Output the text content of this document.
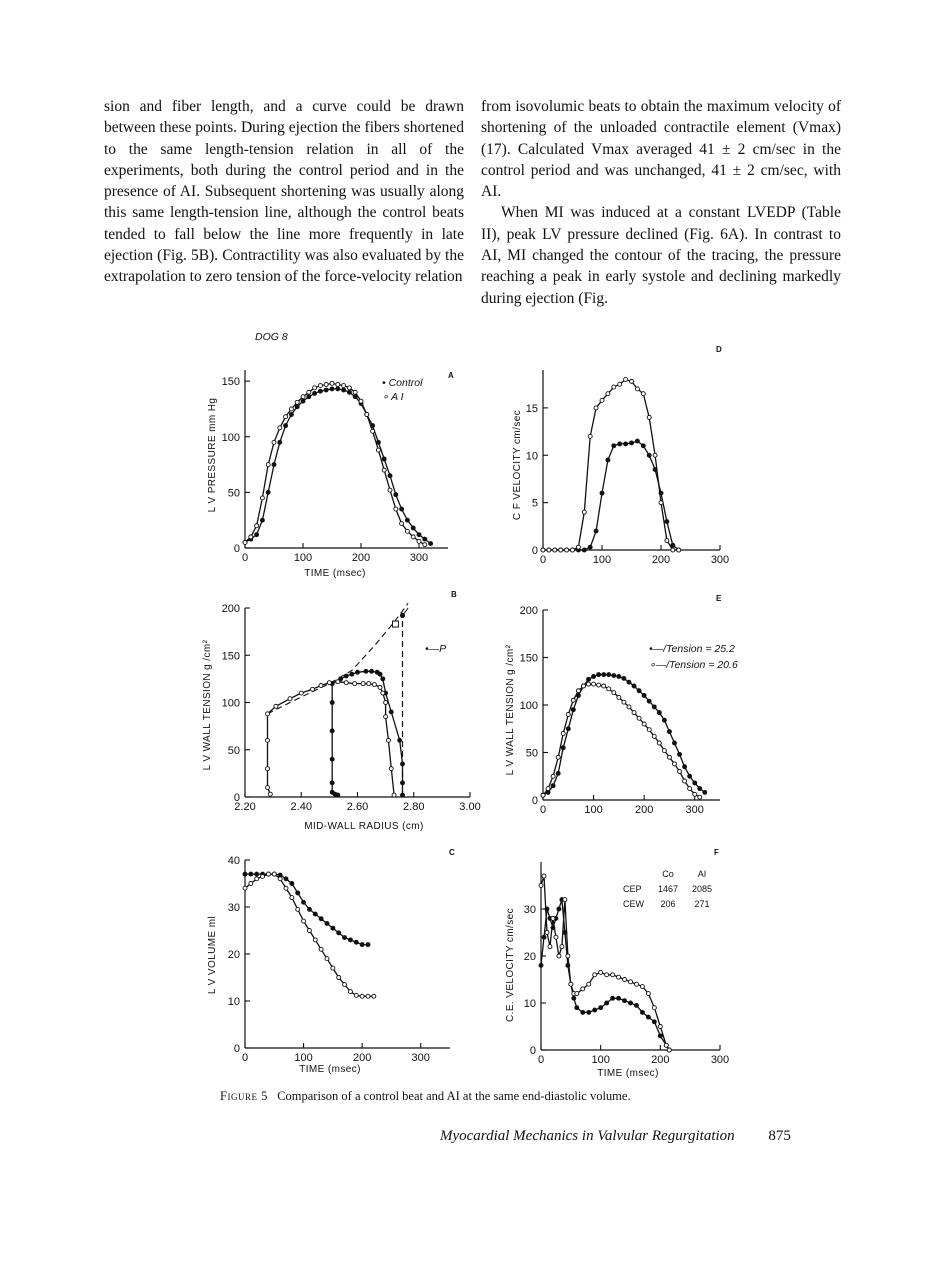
sion and fiber length, and a curve could be drawn between these points. During ejection the fibers shortened to the same length-tension relation in all of the experiments, both during the control period and in the presence of AI. Subsequent shortening was usually along this same length-tension line, although the control beats tended to fall below the line more frequently in late ejection (Fig. 5B). Contractility was also evaluated by the extrapolation to zero tension of the force-velocity relation

from isovolumic beats to obtain the maximum velocity of shortening of the unloaded contractile element (Vmax) (17). Calculated Vmax averaged 41 ± 2 cm/sec in the control period and was unchanged, 41 ± 2 cm/sec, with AI.

When MI was induced at a constant LVEDP (Table II), peak LV pressure declined (Fig. 6A). In contrast to AI, MI changed the contour of the tracing, the pressure reaching a peak in early systole and declining markedly during ejection (Fig.

DOG 8
A
0	100	200	300
0
50
100
150
TIME (msec)
L V PRESSURE mm Hg
• Control
∘ A I
D
0	100	200	300
0
5
10
15
C F VELOCITY cm/sec
B
2.20	2.40	2.60	2.80	3.00
0
50
100
150
200
MID-WALL RADIUS (cm)
L V WALL TENSION g /cm²	•—P
E
0	100	200	300
0
50
100
150
200
L V WALL TENSION g /cm²	•—/Tension = 25.2
∘—/Tension = 20.6
C
0	100	200	300
0
10
20
30
40
TIME (msec)
L V VOLUME ml
F
0	100	200	300
0
10
20
30
TIME (msec)
C.E. VELOCITY cm/sec
Co	AI
CEP 1467 2085
CEW 206 271
Figure 5 Comparison of a control beat and AI at the same end-diastolic volume.
Myocardial Mechanics in Valvular Regurgitation 875
